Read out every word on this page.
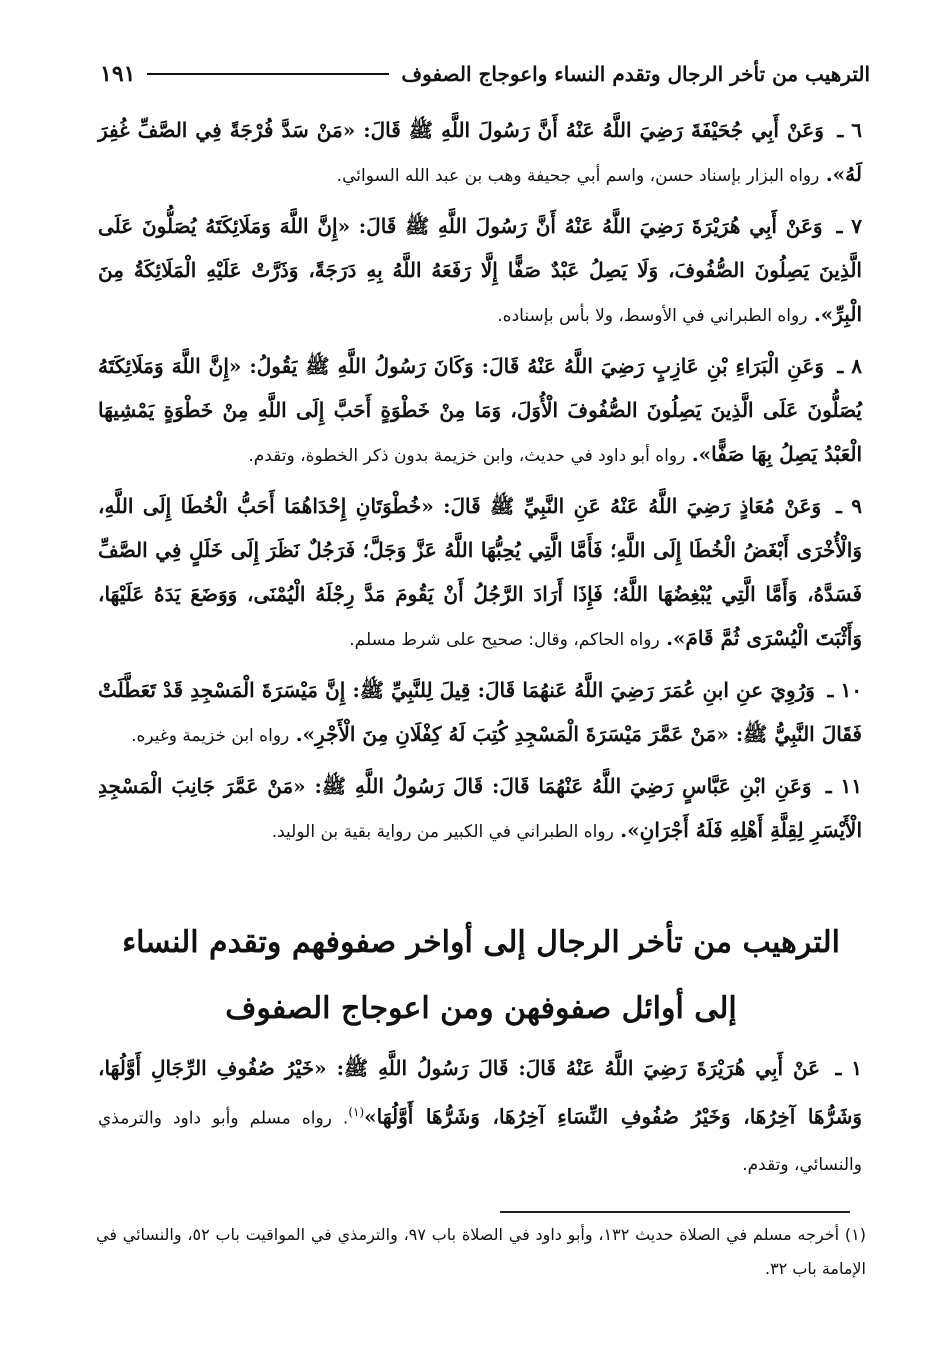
الترهيب من تأخر الرجال وتقدم النساء واعوجاج الصفوف
١٩١

٦ ـ وَعَنْ أَبِي جُحَيْفَةَ رَضِيَ اللَّهُ عَنْهُ أَنَّ رَسُولَ اللَّهِ ﷺ قَالَ: «مَنْ سَدَّ فُرْجَةً فِي الصَّفِّ غُفِرَ لَهُ». رواه البزار بإسناد حسن، واسم أبي جحيفة وهب بن عبد الله السوائي.

٧ ـ وَعَنْ أَبِي هُرَيْرَةَ رَضِيَ اللَّهُ عَنْهُ أَنَّ رَسُولَ اللَّهِ ﷺ قَالَ: «إِنَّ اللَّهَ وَمَلَائِكَتَهُ يُصَلُّونَ عَلَى الَّذِينَ يَصِلُونَ الصُّفُوفَ، وَلَا يَصِلُ عَبْدٌ صَفًّا إِلَّا رَفَعَهُ اللَّهُ بِهِ دَرَجَةً، وَذَرَّتْ عَلَيْهِ الْمَلَائِكَةُ مِنَ الْبِرِّ». رواه الطبراني في الأوسط، ولا بأس بإسناده.

٨ ـ وَعَنِ الْبَرَاءِ بْنِ عَازِبٍ رَضِيَ اللَّهُ عَنْهُ قَالَ: وَكَانَ رَسُولُ اللَّهِ ﷺ يَقُولُ: «إِنَّ اللَّهَ وَمَلَائِكَتَهُ يُصَلُّونَ عَلَى الَّذِينَ يَصِلُونَ الصُّفُوفَ الْأُوَلَ، وَمَا مِنْ خَطْوَةٍ أَحَبَّ إِلَى اللَّهِ مِنْ خَطْوَةٍ يَمْشِيهَا الْعَبْدُ يَصِلُ بِهَا صَفًّا». رواه أبو داود في حديث، وابن خزيمة بدون ذكر الخطوة، وتقدم.

٩ ـ وَعَنْ مُعَاذٍ رَضِيَ اللَّهُ عَنْهُ عَنِ النَّبِيِّ ﷺ قَالَ: «خُطْوَتَانِ إِحْدَاهُمَا أَحَبُّ الْخُطَا إِلَى اللَّهِ، وَالْأُخْرَى أَبْغَضُ الْخُطَا إِلَى اللَّهِ؛ فَأَمَّا الَّتِي يُحِبُّهَا اللَّهُ عَزَّ وَجَلَّ؛ فَرَجُلٌ نَظَرَ إِلَى خَلَلٍ فِي الصَّفِّ فَسَدَّهُ، وَأَمَّا الَّتِي يُبْغِضُهَا اللَّهُ؛ فَإِذَا أَرَادَ الرَّجُلُ أَنْ يَقُومَ مَدَّ رِجْلَهُ الْيُمْنَى، وَوَضَعَ يَدَهُ عَلَيْهَا، وَأَثْبَتَ الْيُسْرَى ثُمَّ قَامَ». رواه الحاكم، وقال: صحيح على شرط مسلم.

١٠ ـ وَرُوِيَ عنِ ابنِ عُمَرَ رَضِيَ اللَّهُ عَنهُمَا قَالَ: قِيلَ لِلنَّبِيِّ ﷺ: إِنَّ مَيْسَرَةَ الْمَسْجِدِ قَدْ تَعَطَّلَتْ فَقَالَ النَّبِيُّ ﷺ: «مَنْ عَمَّرَ مَيْسَرَةَ الْمَسْجِدِ كُتِبَ لَهُ كِفْلَانِ مِنَ الْأَجْرِ». رواه ابن خزيمة وغيره.

١١ ـ وَعَنِ ابْنِ عَبَّاسٍ رَضِيَ اللَّهُ عَنْهُمَا قَالَ: قَالَ رَسُولُ اللَّهِ ﷺ: «مَنْ عَمَّرَ جَانِبَ الْمَسْجِدِ الْأَيْسَرِ لِقِلَّةِ أَهْلِهِ فَلَهُ أَجْرَانِ». رواه الطبراني في الكبير من رواية بقية بن الوليد.

الترهيب من تأخر الرجال إلى أواخر صفوفهم وتقدم النساء
إلى أوائل صفوفهن ومن اعوجاج الصفوف

١ ـ عَنْ أَبِي هُرَيْرَةَ رَضِيَ اللَّهُ عَنْهُ قَالَ: قَالَ رَسُولُ اللَّهِ ﷺ: «خَيْرُ صُفُوفِ الرِّجَالِ أَوَّلُهَا، وَشَرُّهَا آخِرُهَا، وَخَيْرُ صُفُوفِ النِّسَاءِ آخِرُهَا، وَشَرُّهَا أَوَّلُهَا»$^{(١)}$. رواه مسلم وأبو داود والترمذي والنسائي، وتقدم.

(١) أخرجه مسلم في الصلاة حديث ١٣٢، وأبو داود في الصلاة باب ٩٧، والترمذي في المواقيت باب ٥٢، والنسائي في الإمامة باب ٣٢.
